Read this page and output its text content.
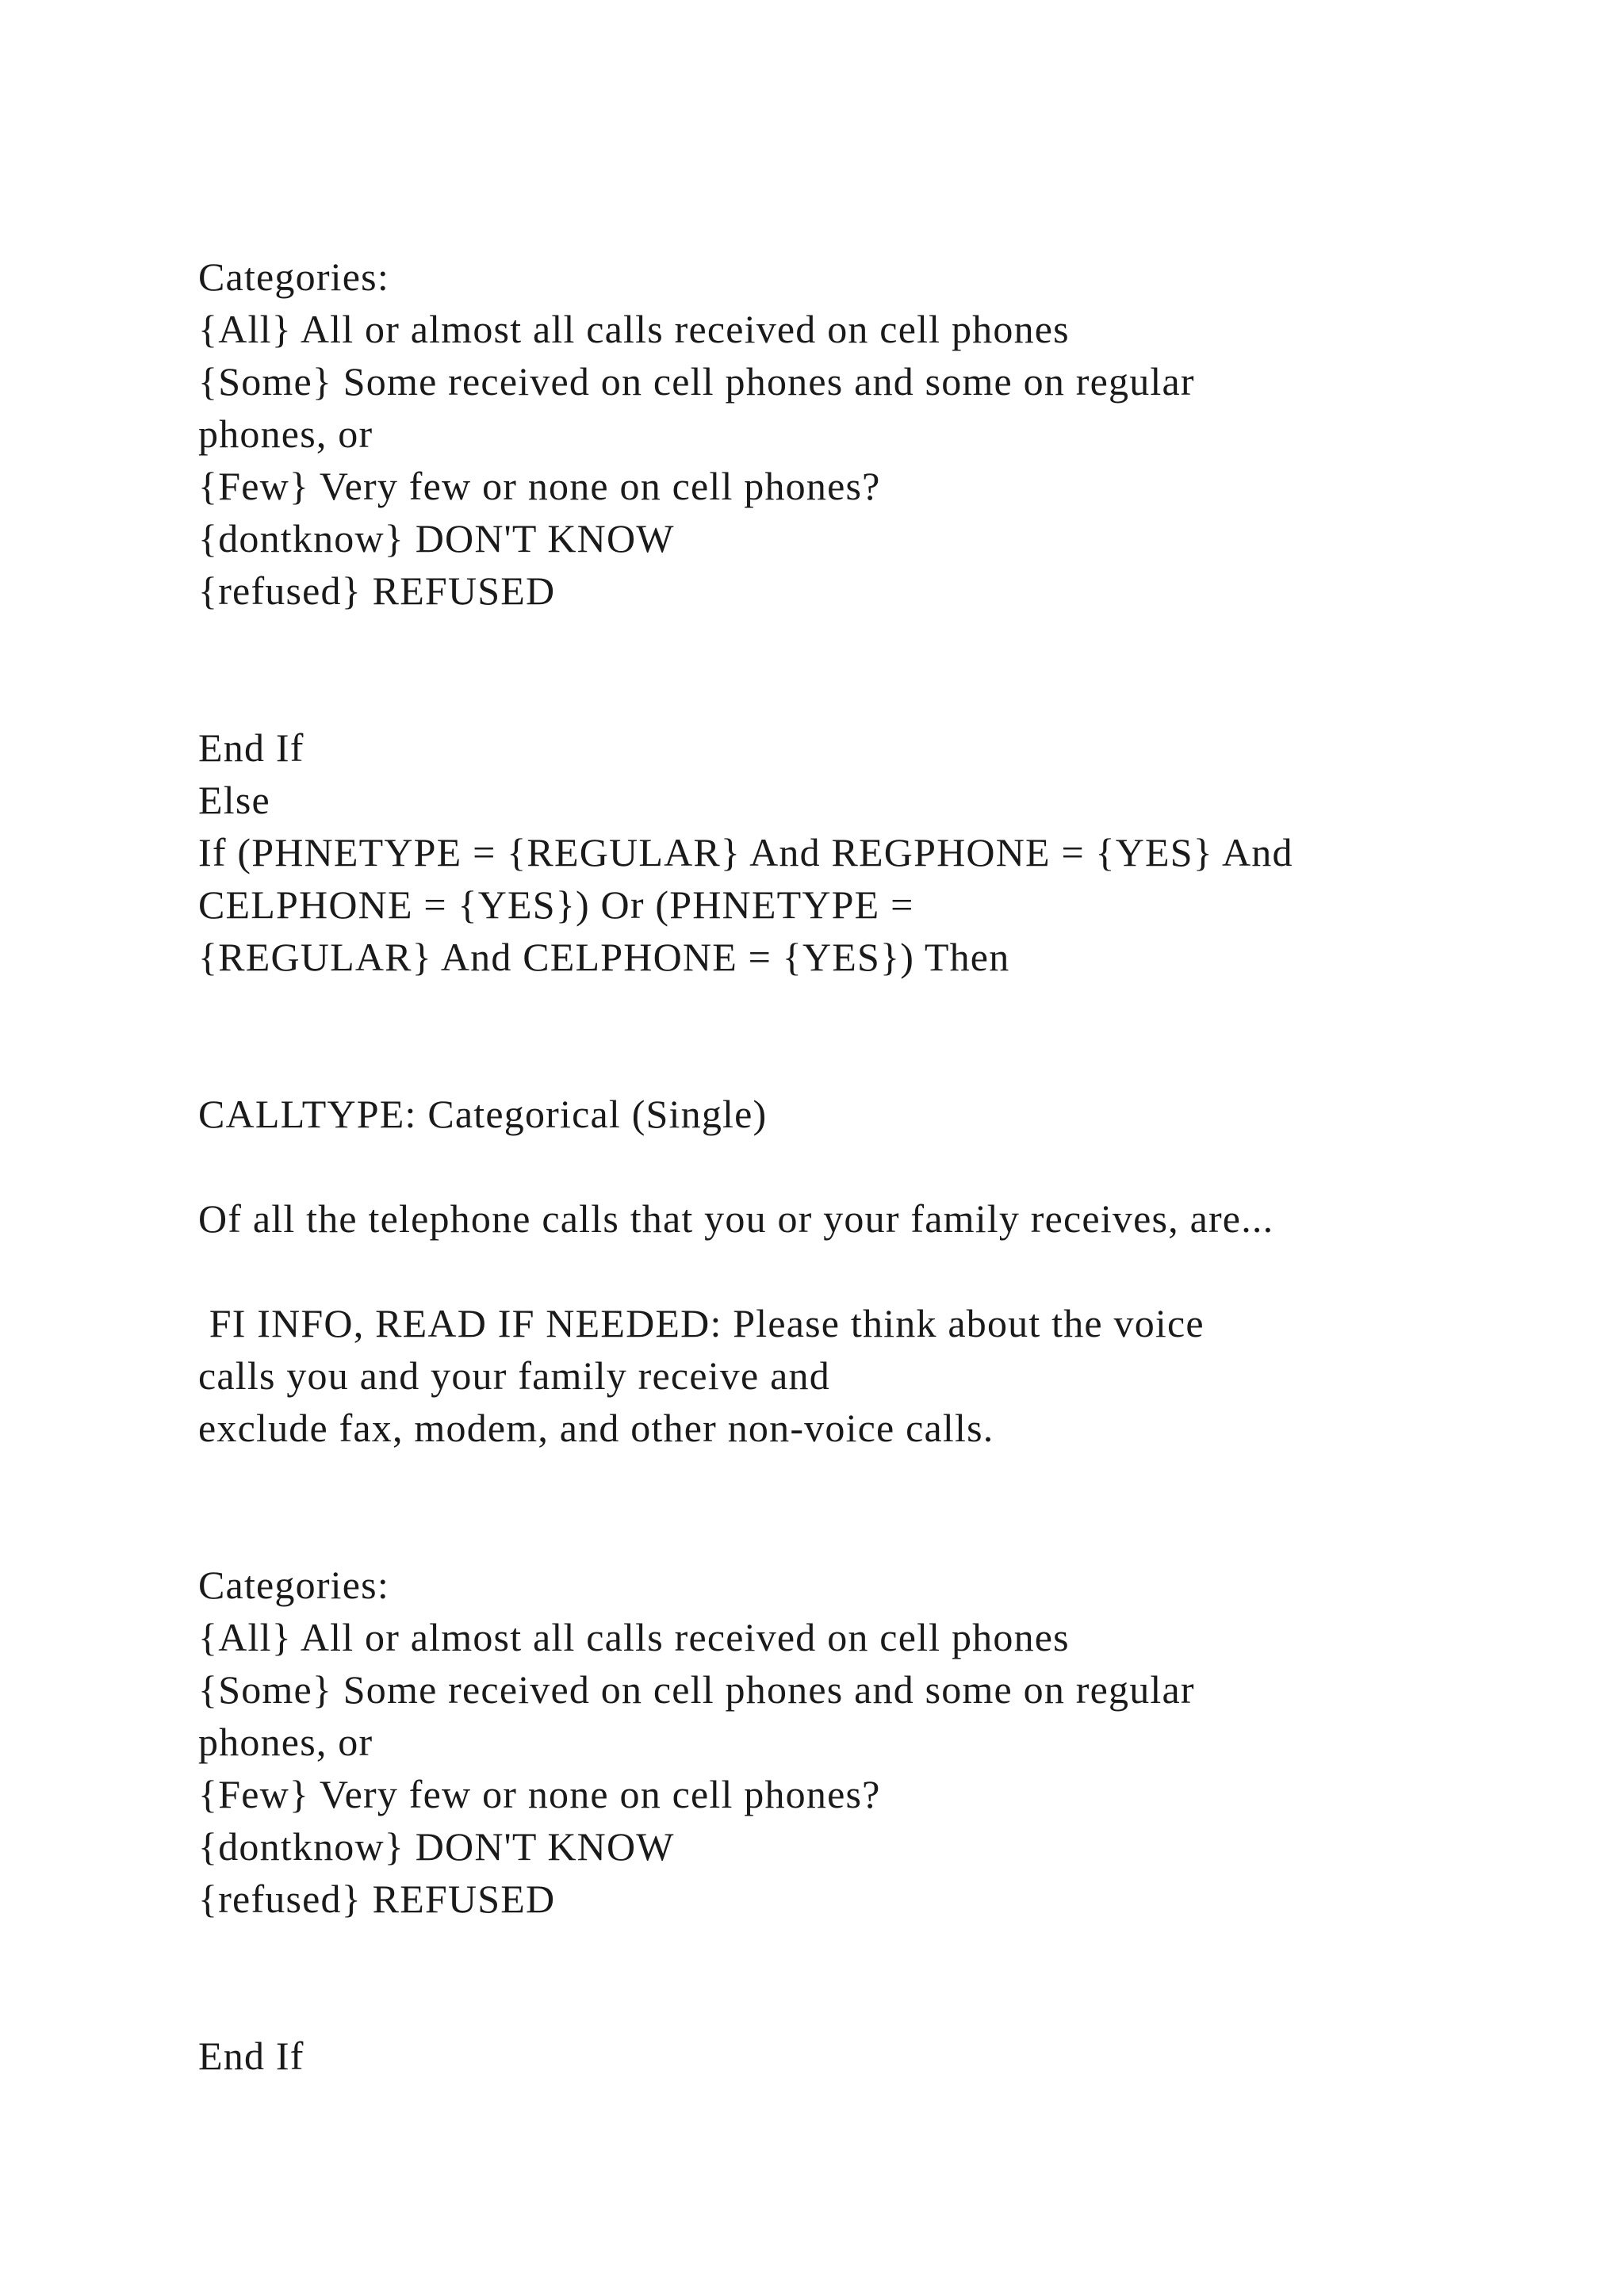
Categories:
{All} All or almost all calls received on cell phones
{Some} Some received on cell phones and some on regular
phones, or
{Few} Very few or none on cell phones?
{dontknow} DON'T KNOW
{refused} REFUSED
End If
Else
If (PHNETYPE = {REGULAR} And REGPHONE = {YES} And
CELPHONE = {YES}) Or (PHNETYPE =
{REGULAR} And CELPHONE = {YES}) Then
CALLTYPE: Categorical (Single)
Of all the telephone calls that you or your family receives, are...
FI INFO, READ IF NEEDED: Please think about the voice
calls you and your family receive and
exclude fax, modem, and other non-voice calls.
Categories:
{All} All or almost all calls received on cell phones
{Some} Some received on cell phones and some on regular
phones, or
{Few} Very few or none on cell phones?
{dontknow} DON'T KNOW
{refused} REFUSED
End If
